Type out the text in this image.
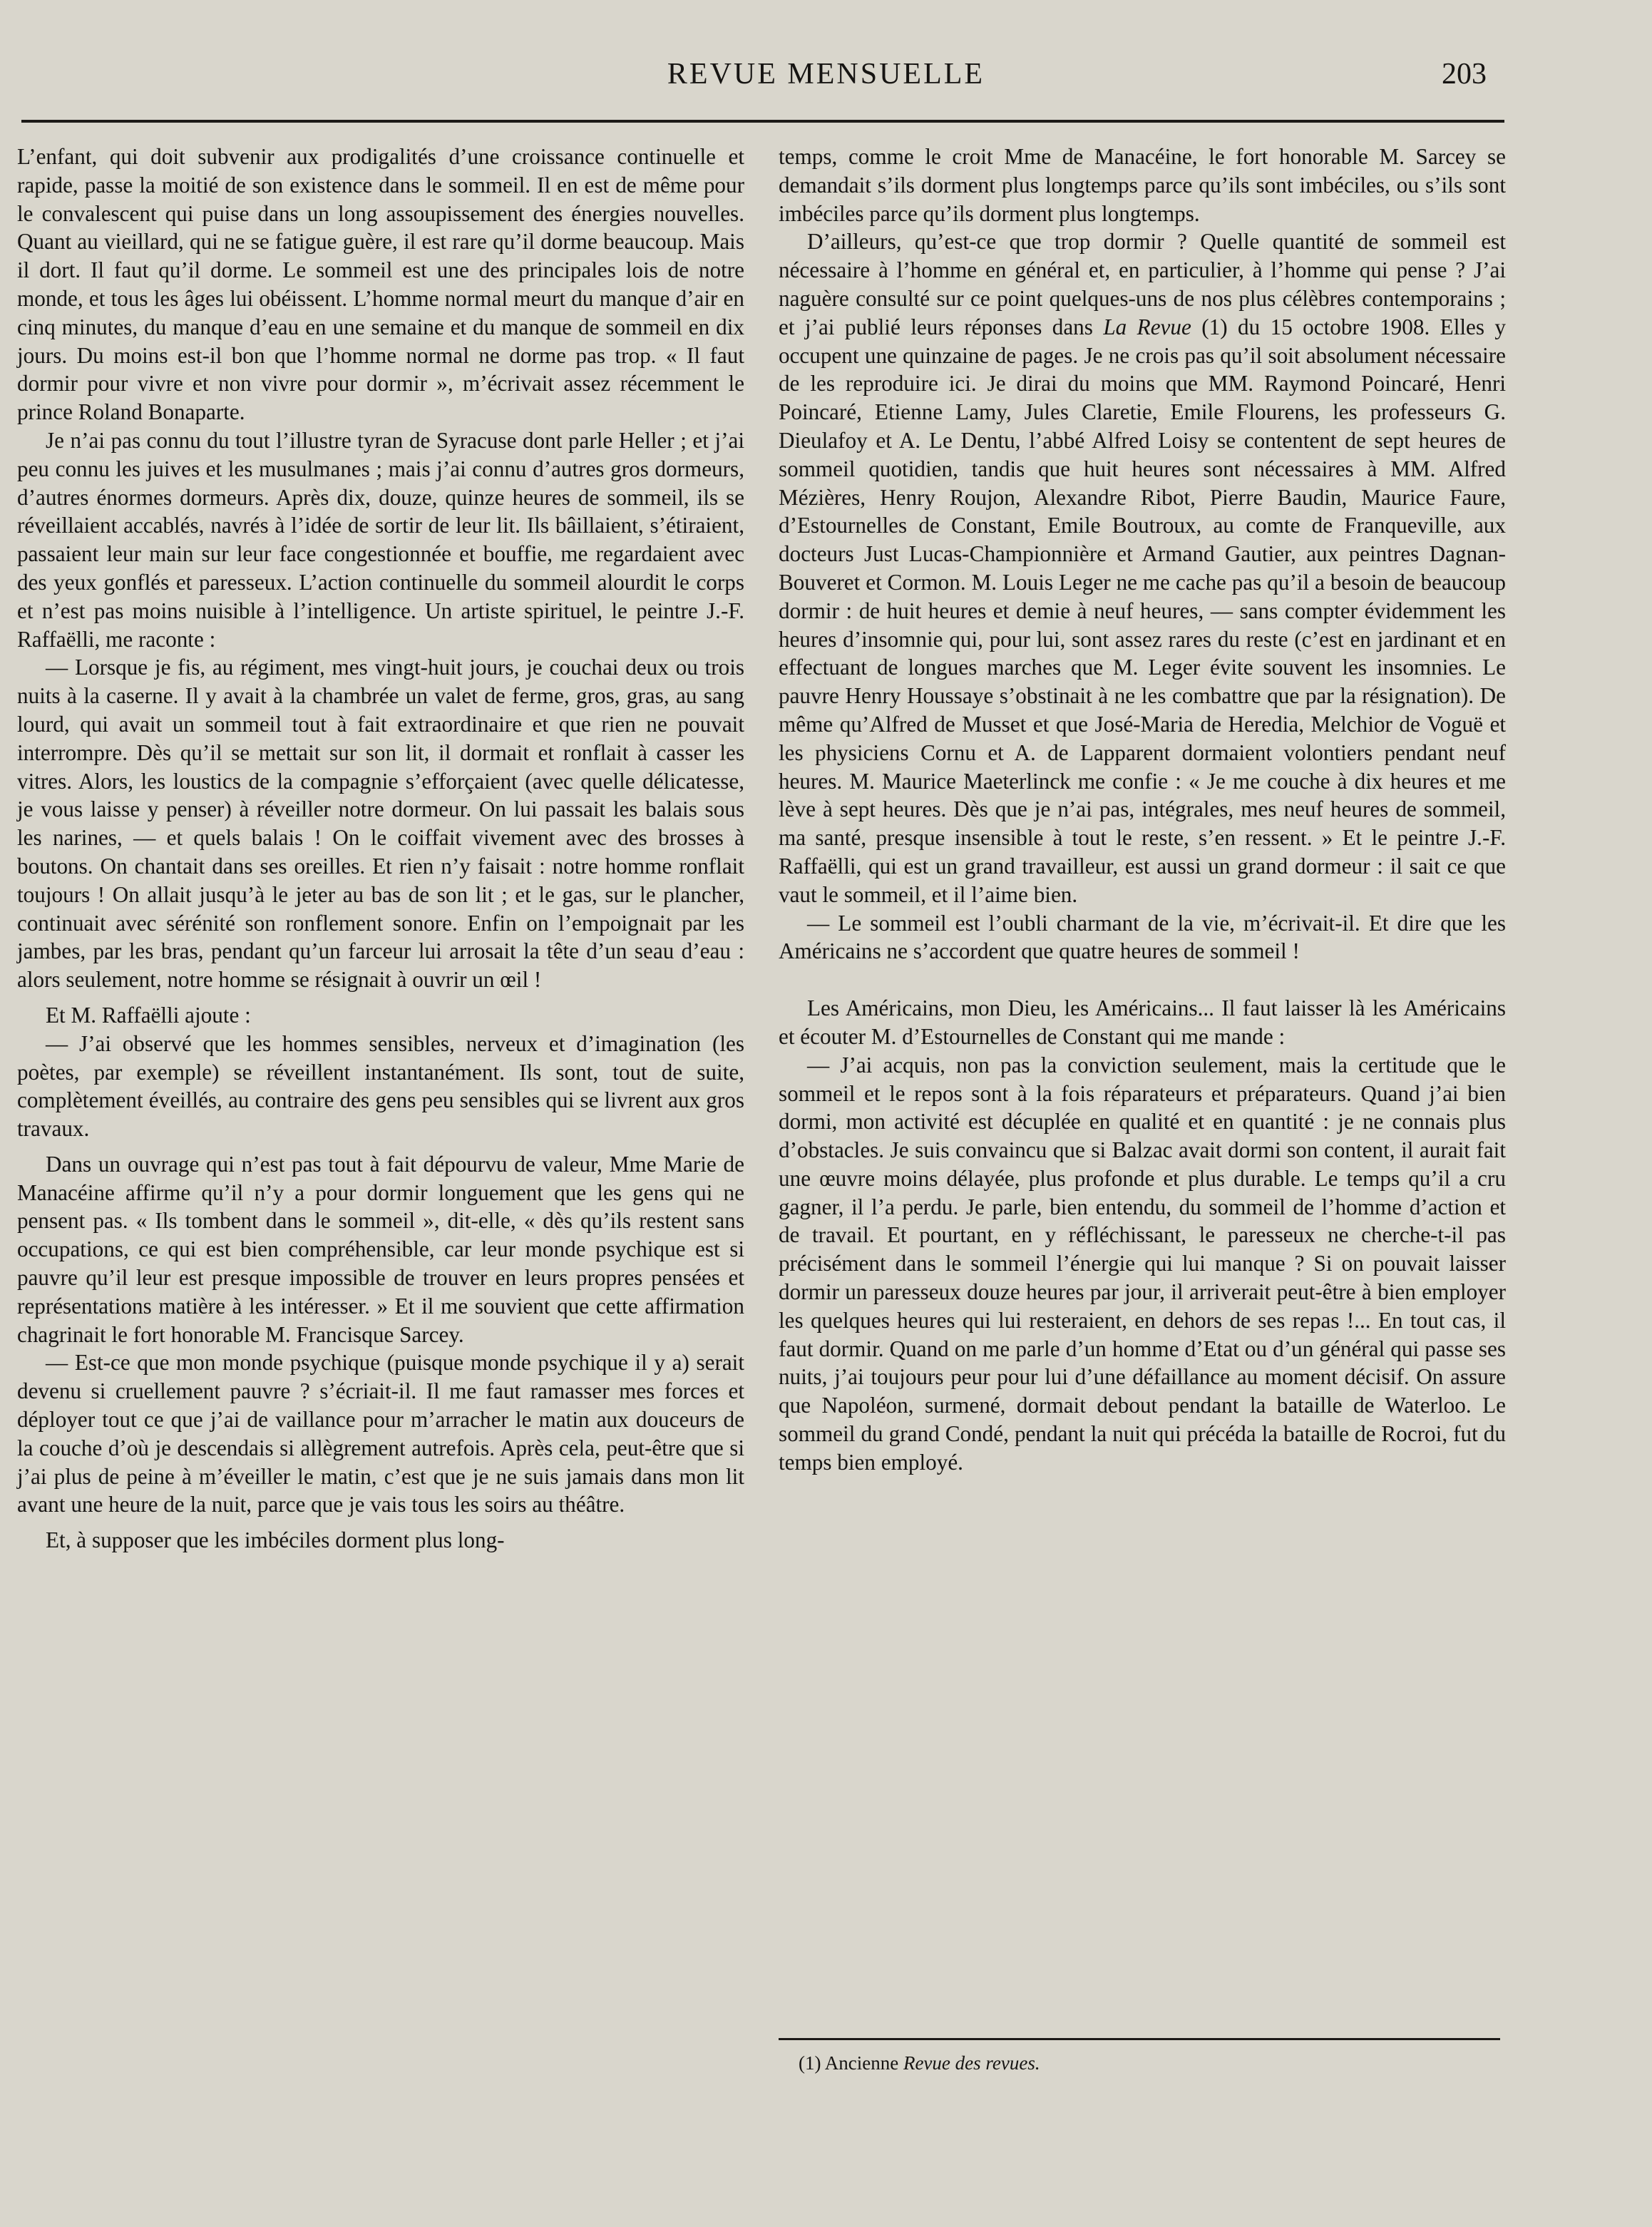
REVUE MENSUELLE	203

L’enfant, qui doit subvenir aux prodigalités d’une croissance continuelle et rapide, passe la moitié de son existence dans le sommeil. Il en est de même pour le convalescent qui puise dans un long assoupissement des énergies nouvelles. Quant au vieillard, qui ne se fatigue guère, il est rare qu’il dorme beaucoup. Mais il dort. Il faut qu’il dorme. Le sommeil est une des principales lois de notre monde, et tous les âges lui obéissent. L’homme normal meurt du manque d’air en cinq minutes, du manque d’eau en une semaine et du manque de sommeil en dix jours. Du moins est-il bon que l’homme normal ne dorme pas trop. « Il faut dormir pour vivre et non vivre pour dormir », m’écrivait assez récemment le prince Roland Bonaparte.

Je n’ai pas connu du tout l’illustre tyran de Syracuse dont parle Heller ; et j’ai peu connu les juives et les musulmanes ; mais j’ai connu d’autres gros dormeurs, d’autres énormes dormeurs. Après dix, douze, quinze heures de sommeil, ils se réveillaient accablés, navrés à l’idée de sortir de leur lit. Ils bâillaient, s’étiraient, passaient leur main sur leur face congestionnée et bouffie, me regardaient avec des yeux gonflés et paresseux. L’action continuelle du sommeil alourdit le corps et n’est pas moins nuisible à l’intelligence. Un artiste spirituel, le peintre J.-F. Raffaëlli, me raconte :

— Lorsque je fis, au régiment, mes vingt-huit jours, je couchai deux ou trois nuits à la caserne. Il y avait à la chambrée un valet de ferme, gros, gras, au sang lourd, qui avait un sommeil tout à fait extraordinaire et que rien ne pouvait interrompre. Dès qu’il se mettait sur son lit, il dormait et ronflait à casser les vitres. Alors, les loustics de la compagnie s’efforçaient (avec quelle délicatesse, je vous laisse y penser) à réveiller notre dormeur. On lui passait les balais sous les narines, — et quels balais ! On le coiffait vivement avec des brosses à boutons. On chantait dans ses oreilles. Et rien n’y faisait : notre homme ronflait toujours ! On allait jusqu’à le jeter au bas de son lit ; et le gas, sur le plancher, continuait avec sérénité son ronflement sonore. Enfin on l’empoignait par les jambes, par les bras, pendant qu’un farceur lui arrosait la tête d’un seau d’eau : alors seulement, notre homme se résignait à ouvrir un œil !

Et M. Raffaëlli ajoute :

— J’ai observé que les hommes sensibles, nerveux et d’imagination (les poètes, par exemple) se réveillent instantanément. Ils sont, tout de suite, complètement éveillés, au contraire des gens peu sensibles qui se livrent aux gros travaux.

Dans un ouvrage qui n’est pas tout à fait dépourvu de valeur, Mme Marie de Manacéine affirme qu’il n’y a pour dormir longuement que les gens qui ne pensent pas. « Ils tombent dans le sommeil », dit-elle, « dès qu’ils restent sans occupations, ce qui est bien compréhensible, car leur monde psychique est si pauvre qu’il leur est presque impossible de trouver en leurs propres pensées et représentations matière à les intéresser. » Et il me souvient que cette affirmation chagrinait le fort honorable M. Francisque Sarcey.

— Est-ce que mon monde psychique (puisque monde psychique il y a) serait devenu si cruellement pauvre ? s’écriait-il. Il me faut ramasser mes forces et déployer tout ce que j’ai de vaillance pour m’arracher le matin aux douceurs de la couche d’où je descendais si allègrement autrefois. Après cela, peut-être que si j’ai plus de peine à m’éveiller le matin, c’est que je ne suis jamais dans mon lit avant une heure de la nuit, parce que je vais tous les soirs au théâtre.

Et, à supposer que les imbéciles dorment plus long-

temps, comme le croit Mme de Manacéine, le fort honorable M. Sarcey se demandait s’ils dorment plus longtemps parce qu’ils sont imbéciles, ou s’ils sont imbéciles parce qu’ils dorment plus longtemps.

D’ailleurs, qu’est-ce que trop dormir ? Quelle quantité de sommeil est nécessaire à l’homme en général et, en particulier, à l’homme qui pense ? J’ai naguère consulté sur ce point quelques-uns de nos plus célèbres contemporains ; et j’ai publié leurs réponses dans La Revue (1) du 15 octobre 1908. Elles y occupent une quinzaine de pages. Je ne crois pas qu’il soit absolument nécessaire de les reproduire ici. Je dirai du moins que MM. Raymond Poincaré, Henri Poincaré, Etienne Lamy, Jules Claretie, Emile Flourens, les professeurs G. Dieulafoy et A. Le Dentu, l’abbé Alfred Loisy se contentent de sept heures de sommeil quotidien, tandis que huit heures sont nécessaires à MM. Alfred Mézières, Henry Roujon, Alexandre Ribot, Pierre Baudin, Maurice Faure, d’Estournelles de Constant, Emile Boutroux, au comte de Franqueville, aux docteurs Just Lucas-Championnière et Armand Gautier, aux peintres Dagnan-Bouveret et Cormon. M. Louis Leger ne me cache pas qu’il a besoin de beaucoup dormir : de huit heures et demie à neuf heures, — sans compter évidemment les heures d’insomnie qui, pour lui, sont assez rares du reste (c’est en jardinant et en effectuant de longues marches que M. Leger évite souvent les insomnies. Le pauvre Henry Houssaye s’obstinait à ne les combattre que par la résignation). De même qu’Alfred de Musset et que José-Maria de Heredia, Melchior de Voguë et les physiciens Cornu et A. de Lapparent dormaient volontiers pendant neuf heures. M. Maurice Maeterlinck me confie : « Je me couche à dix heures et me lève à sept heures. Dès que je n’ai pas, intégrales, mes neuf heures de sommeil, ma santé, presque insensible à tout le reste, s’en ressent. » Et le peintre J.-F. Raffaëlli, qui est un grand travailleur, est aussi un grand dormeur : il sait ce que vaut le sommeil, et il l’aime bien.

— Le sommeil est l’oubli charmant de la vie, m’écrivait-il. Et dire que les Américains ne s’accordent que quatre heures de sommeil !

Les Américains, mon Dieu, les Américains... Il faut laisser là les Américains et écouter M. d’Estournelles de Constant qui me mande :

— J’ai acquis, non pas la conviction seulement, mais la certitude que le sommeil et le repos sont à la fois réparateurs et préparateurs. Quand j’ai bien dormi, mon activité est décuplée en qualité et en quantité : je ne connais plus d’obstacles. Je suis convaincu que si Balzac avait dormi son content, il aurait fait une œuvre moins délayée, plus profonde et plus durable. Le temps qu’il a cru gagner, il l’a perdu. Je parle, bien entendu, du sommeil de l’homme d’action et de travail. Et pourtant, en y réfléchissant, le paresseux ne cherche-t-il pas précisément dans le sommeil l’énergie qui lui manque ? Si on pouvait laisser dormir un paresseux douze heures par jour, il arriverait peut-être à bien employer les quelques heures qui lui resteraient, en dehors de ses repas !... En tout cas, il faut dormir. Quand on me parle d’un homme d’Etat ou d’un général qui passe ses nuits, j’ai toujours peur pour lui d’une défaillance au moment décisif. On assure que Napoléon, surmené, dormait debout pendant la bataille de Waterloo. Le sommeil du grand Condé, pendant la nuit qui précéda la bataille de Rocroi, fut du temps bien employé.

(1) Ancienne Revue des revues.
